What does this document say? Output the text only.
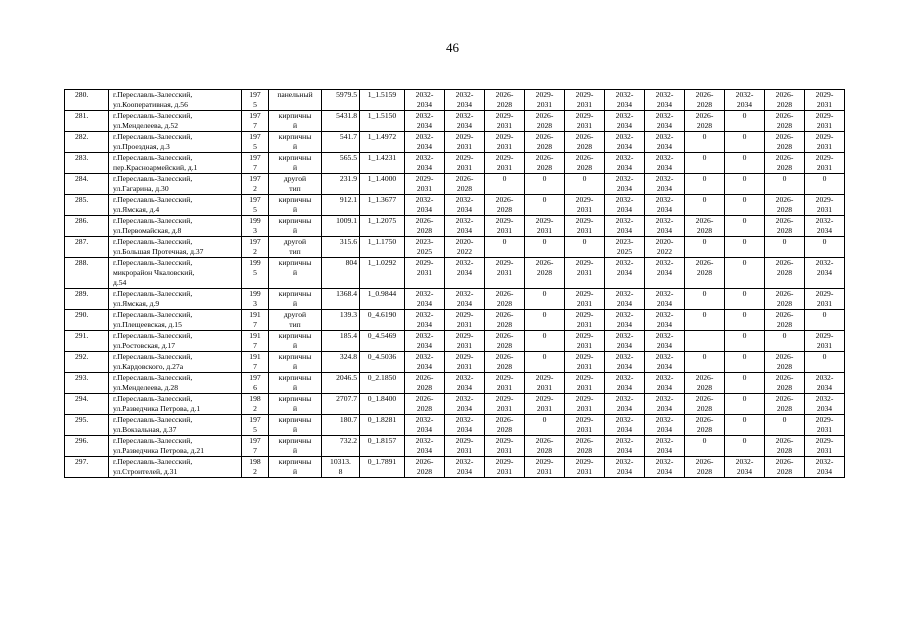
46
280.	г.Переславль-Залесский,
ул.Кооперативная, д.56	197
5	панельный	5979.5	1_1.5159	2032-
2034	2032-
2034	2026-
2028	2029-
2031	2029-
2031	2032-
2034	2032-
2034	2026-
2028	2032-
2034	2026-
2028	2029-
2031
281.	г.Переславль-Залесский,
ул.Менделеева, д.52	197
7	кирпичны
й	5431.8	1_1.5150	2032-
2034	2032-
2034	2029-
2031	2026-
2028	2029-
2031	2032-
2034	2032-
2034	2026-
2028	0	2026-
2028	2029-
2031
282.	г.Переславль-Залесский,
ул.Проездная, д.3	197
5	кирпичны
й	541.7	1_1.4972	2032-
2034	2029-
2031	2029-
2031	2026-
2028	2026-
2028	2032-
2034	2032-
2034	0	0	2026-
2028	2029-
2031
283.	г.Переславль-Залесский,
пер.Красноармейский, д.1	197
7	кирпичны
й	565.5	1_1.4231	2032-
2034	2029-
2031	2029-
2031	2026-
2028	2026-
2028	2032-
2034	2032-
2034	0	0	2026-
2028	2029-
2031
284.	г.Переславль-Залесский,
ул.Гагарина, д.30	197
2	другой
тип	231.9	1_1.4000	2029-
2031	2026-
2028	0	0	0	2032-
2034	2032-
2034	0	0	0	0
285.	г.Переславль-Залесский,
ул.Ямская, д.4	197
5	кирпичны
й	912.1	1_1.3677	2032-
2034	2032-
2034	2026-
2028	0	2029-
2031	2032-
2034	2032-
2034	0	0	2026-
2028	2029-
2031
286.	г.Переславль-Залесский,
ул.Первомайская, д.8	199
3	кирпичны
й	1009.1	1_1.2075	2026-
2028	2032-
2034	2029-
2031	2029-
2031	2029-
2031	2032-
2034	2032-
2034	2026-
2028	0	2026-
2028	2032-
2034
287.	г.Переславль-Залесский,
ул.Большая Протечная, д.37	197
2	другой
тип	315.6	1_1.1750	2023-
2025	2020-
2022	0	0	0	2023-
2025	2020-
2022	0	0	0	0
288.	г.Переславль-Залесский,
микрорайон Чкаловский,
д.54	199
5	кирпичны
й	804	1_1.0292	2029-
2031	2032-
2034	2029-
2031	2026-
2028	2029-
2031	2032-
2034	2032-
2034	2026-
2028	0	2026-
2028	2032-
2034
289.	г.Переславль-Залесский,
ул.Ямская, д.9	199
3	кирпичны
й	1368.4	1_0.9844	2032-
2034	2032-
2034	2026-
2028	0	2029-
2031	2032-
2034	2032-
2034	0	0	2026-
2028	2029-
2031
290.	г.Переславль-Залесский,
ул.Плещеевская, д.15	191
7	другой
тип	139.3	0_4.6190	2032-
2034	2029-
2031	2026-
2028	0	2029-
2031	2032-
2034	2032-
2034	0	0	2026-
2028	0
291.	г.Переславль-Залесский,
ул.Ростовская, д.17	191
7	кирпичны
й	185.4	0_4.5469	2032-
2034	2029-
2031	2026-
2028	0	2029-
2031	2032-
2034	2032-
2034		0	0	2029-
2031
292.	г.Переславль-Залесский,
ул.Кардовского, д.27а	191
7	кирпичны
й	324.8	0_4.5036	2032-
2034	2029-
2031	2026-
2028	0	2029-
2031	2032-
2034	2032-
2034	0	0	2026-
2028	0
293.	г.Переславль-Залесский,
ул.Менделеева, д.28	197
6	кирпичны
й	2046.5	0_2.1850	2026-
2028	2032-
2034	2029-
2031	2029-
2031	2029-
2031	2032-
2034	2032-
2034	2026-
2028	0	2026-
2028	2032-
2034
294.	г.Переславль-Залесский,
ул.Разведчика Петрова, д.1	198
2	кирпичны
й	2707.7	0_1.8400	2026-
2028	2032-
2034	2029-
2031	2029-
2031	2029-
2031	2032-
2034	2032-
2034	2026-
2028	0	2026-
2028	2032-
2034
295.	г.Переславль-Залесский,
ул.Вокзальная, д.37	197
5	кирпичны
й	180.7	0_1.8281	2032-
2034	2032-
2034	2026-
2028	0	2029-
2031	2032-
2034	2032-
2034	2026-
2028	0	0	2029-
2031
296.	г.Переславль-Залесский,
ул.Разведчика Петрова, д.21	197
7	кирпичны
й	732.2	0_1.8157	2032-
2034	2029-
2031	2029-
2031	2026-
2028	2026-
2028	2032-
2034	2032-
2034	0	0	2026-
2028	2029-
2031
297.	г.Переславль-Залесский,
ул.Строителей, д.31	198
2	кирпичны
й	10313.
8	0_1.7891	2026-
2028	2032-
2034	2029-
2031	2029-
2031	2029-
2031	2032-
2034	2032-
2034	2026-
2028	2032-
2034	2026-
2028	2032-
2034
